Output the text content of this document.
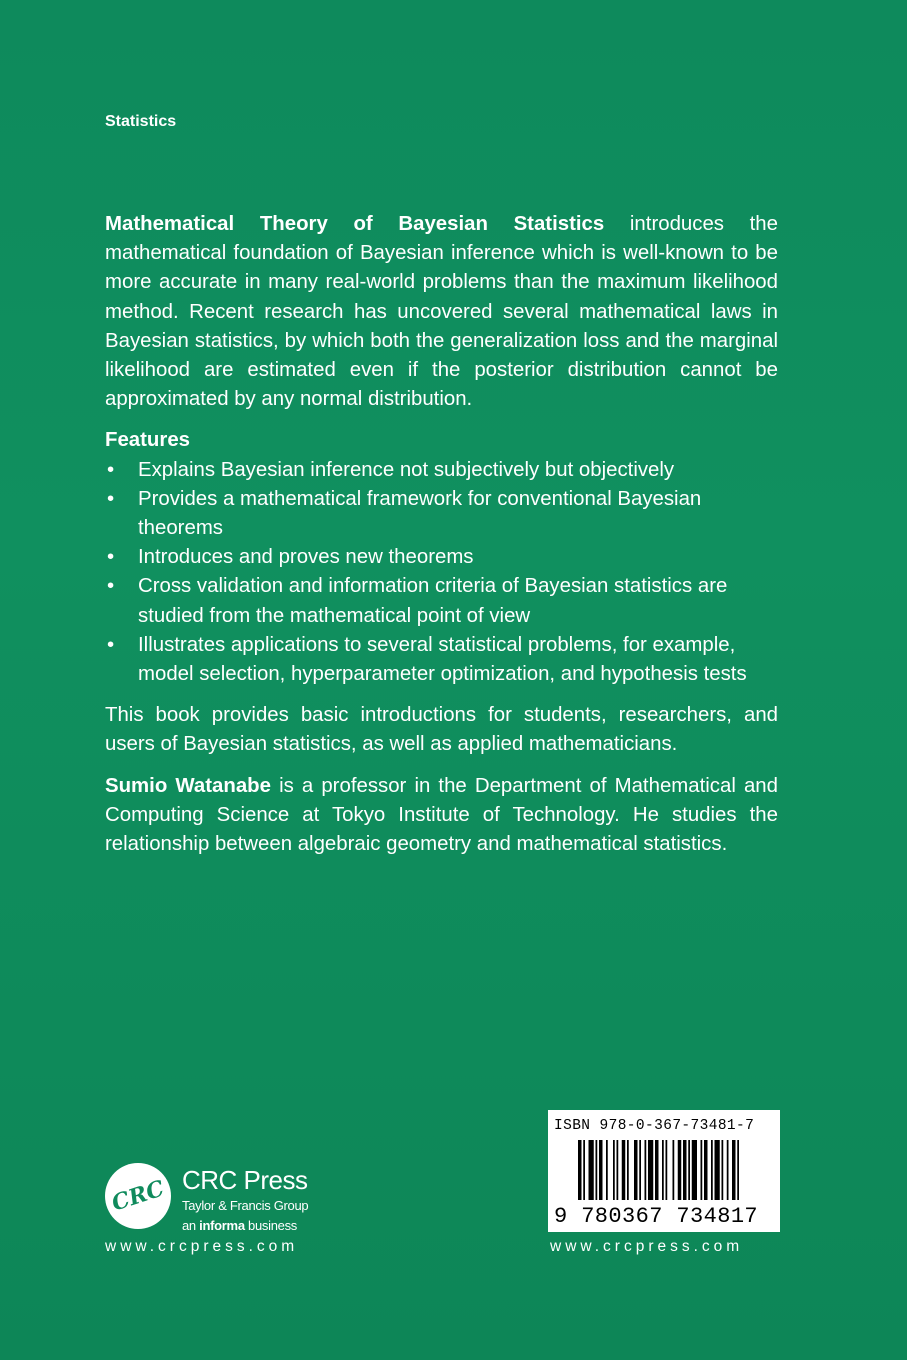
Statistics

Mathematical Theory of Bayesian Statistics introduces the mathematical foundation of Bayesian inference which is well-known to be more accurate in many real-world problems than the maximum likelihood method. Recent research has uncovered several mathematical laws in Bayesian statistics, by which both the generalization loss and the marginal likelihood are estimated even if the posterior distribution cannot be approximated by any normal distribution.

Features
• Explains Bayesian inference not subjectively but objectively
• Provides a mathematical framework for conventional Bayesian theorems
• Introduces and proves new theorems
• Cross validation and information criteria of Bayesian statistics are studied from the mathematical point of view
• Illustrates applications to several statistical problems, for example, model selection, hyperparameter optimization, and hypothesis tests

This book provides basic introductions for students, researchers, and users of Bayesian statistics, as well as applied mathematicians.

Sumio Watanabe is a professor in the Department of Mathematical and Computing Science at Tokyo Institute of Technology. He studies the relationship between algebraic geometry and mathematical statistics.

CRC CRC Press
Taylor & Francis Group
an informa business
www.crcpress.com
ISBN 978-0-367-73481-7
9 780367 734817
www.crcpress.com
